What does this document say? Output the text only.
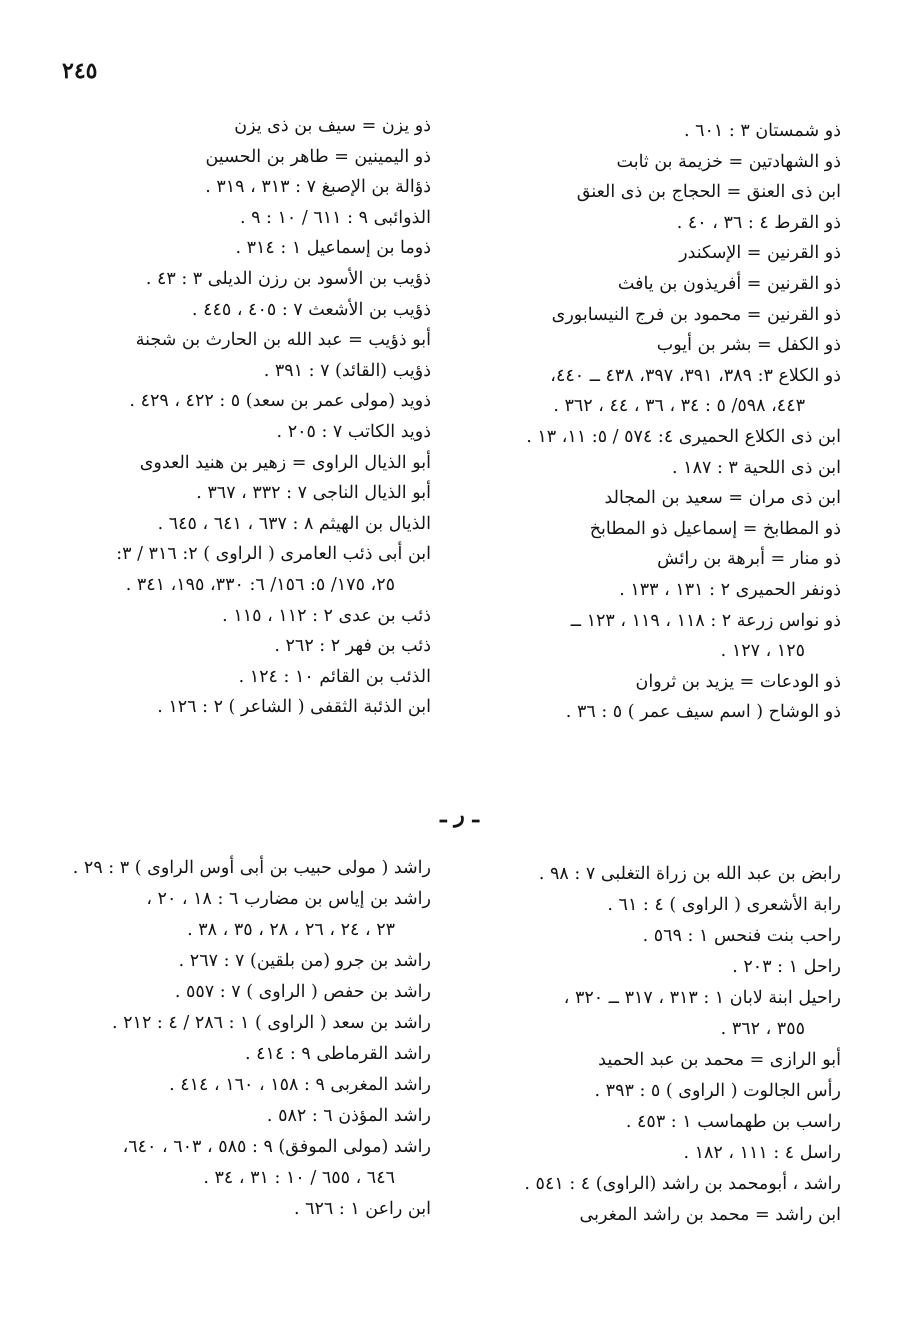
٢٤٥
ذو شمستان ٣ : ٦٠١ .
ذو الشهادتين = خزيمة بن ثابت
ابن ذى العنق = الحجاج بن ذى العنق
ذو القرط ٤ : ٣٦ ، ٤٠ .
ذو القرنين = الإسكندر
ذو القرنين = أفريذون بن يافث
ذو القرنين = محمود بن فرج النيسابورى
ذو الكفل = بشر بن أيوب
ذو الكلاع ٣: ٣٨٩، ٣٩١، ٣٩٧، ٤٣٨ ــ ٤٤٠،
٤٤٣، ٥٩٨/ ٥ : ٣٤ ، ٣٦ ، ٤٤ ، ٣٦٢ .
ابن ذى الكلاع الحميرى ٤: ٥٧٤ / ٥: ١١، ١٣ .
ابن ذى اللحية ٣ : ١٨٧ .
ابن ذى مران = سعيد بن المجالد
ذو المطابخ = إسماعيل ذو المطابخ
ذو منار = أبرهة بن رائش
ذونفر الحميرى ٢ : ١٣١ ، ١٣٣ .
ذو نواس زرعة ٢ : ١١٨ ، ١١٩ ، ١٢٣ ــ
١٢٥ ، ١٢٧ .
ذو الودعات = يزيد بن ثروان
ذو الوشاح ( اسم سيف عمر ) ٥ : ٣٦ .
ذو يزن = سيف بن ذى يزن
ذو اليمينين = طاهر بن الحسين
ذؤالة بن الإصبغ ٧ : ٣١٣ ، ٣١٩ .
الذوائبى ٩ : ٦١١ / ١٠ : ٩ .
ذوما بن إسماعيل ١ : ٣١٤ .
ذؤيب بن الأسود بن رزن الديلى ٣ : ٤٣ .
ذؤيب بن الأشعث ٧ : ٤٠٥ ، ٤٤٥ .
أبو ذؤيب = عبد الله بن الحارث بن شجنة
ذؤيب (القائد) ٧ : ٣٩١ .
ذويد (مولى عمر بن سعد) ٥ : ٤٢٢ ، ٤٢٩ .
ذويد الكاتب ٧ : ٢٠٥ .
أبو الذيال الراوى = زهير بن هنيد العدوى
أبو الذيال الناجى ٧ : ٣٣٢ ، ٣٦٧ .
الذيال بن الهيثم ٨ : ٦٣٧ ، ٦٤١ ، ٦٤٥ .
ابن أبى ذئب العامرى ( الراوى ) ٢: ٣١٦ / ٣:
٢٥، ١٧٥/ ٥: ١٥٦/ ٦: ٣٣٠، ١٩٥، ٣٤١ .
ذئب بن عدى ٢ : ١١٢ ، ١١٥ .
ذئب بن فهر ٢ : ٢٦٢ .
الذئب بن القائم ١٠ : ١٢٤ .
ابن الذئبة الثقفى ( الشاعر ) ٢ : ١٢٦ .
ـ ر ـ
رابض بن عبد الله بن زراة التغلبى ٧ : ٩٨ .
رابة الأشعرى ( الراوى ) ٤ : ٦١ .
راحب بنت فنحس ١ : ٥٦٩ .
راحل ١ : ٢٠٣ .
راحيل ابنة لابان ١ : ٣١٣ ، ٣١٧ ــ ٣٢٠ ،
٣٥٥ ، ٣٦٢ .
أبو الرازى = محمد بن عبد الحميد
رأس الجالوت ( الراوى ) ٥ : ٣٩٣ .
راسب بن طهماسب ١ : ٤٥٣ .
راسل ٤ : ١١١ ، ١٨٢ .
راشد ، أبومحمد بن راشد (الراوى) ٤ : ٥٤١ .
ابن راشد = محمد بن راشد المغربى
راشد ( مولى حبيب بن أبى أوس الراوى ) ٣ : ٢٩ .
راشد بن إياس بن مضارب ٦ : ١٨ ، ٢٠ ،
٢٣ ، ٢٤ ، ٢٦ ، ٢٨ ، ٣٥ ، ٣٨ .
راشد بن جرو (من بلقين) ٧ : ٢٦٧ .
راشد بن حفص ( الراوى ) ٧ : ٥٥٧ .
راشد بن سعد ( الراوى ) ١ : ٢٨٦ / ٤ : ٢١٢ .
راشد القرماطى ٩ : ٤١٤ .
راشد المغربى ٩ : ١٥٨ ، ١٦٠ ، ٤١٤ .
راشد المؤذن ٦ : ٥٨٢ .
راشد (مولى الموفق) ٩ : ٥٨٥ ، ٦٠٣ ، ٦٤٠،
٦٤٦ ، ٦٥٥ / ١٠ : ٣١ ، ٣٤ .
ابن راعن ١ : ٦٢٦ .
